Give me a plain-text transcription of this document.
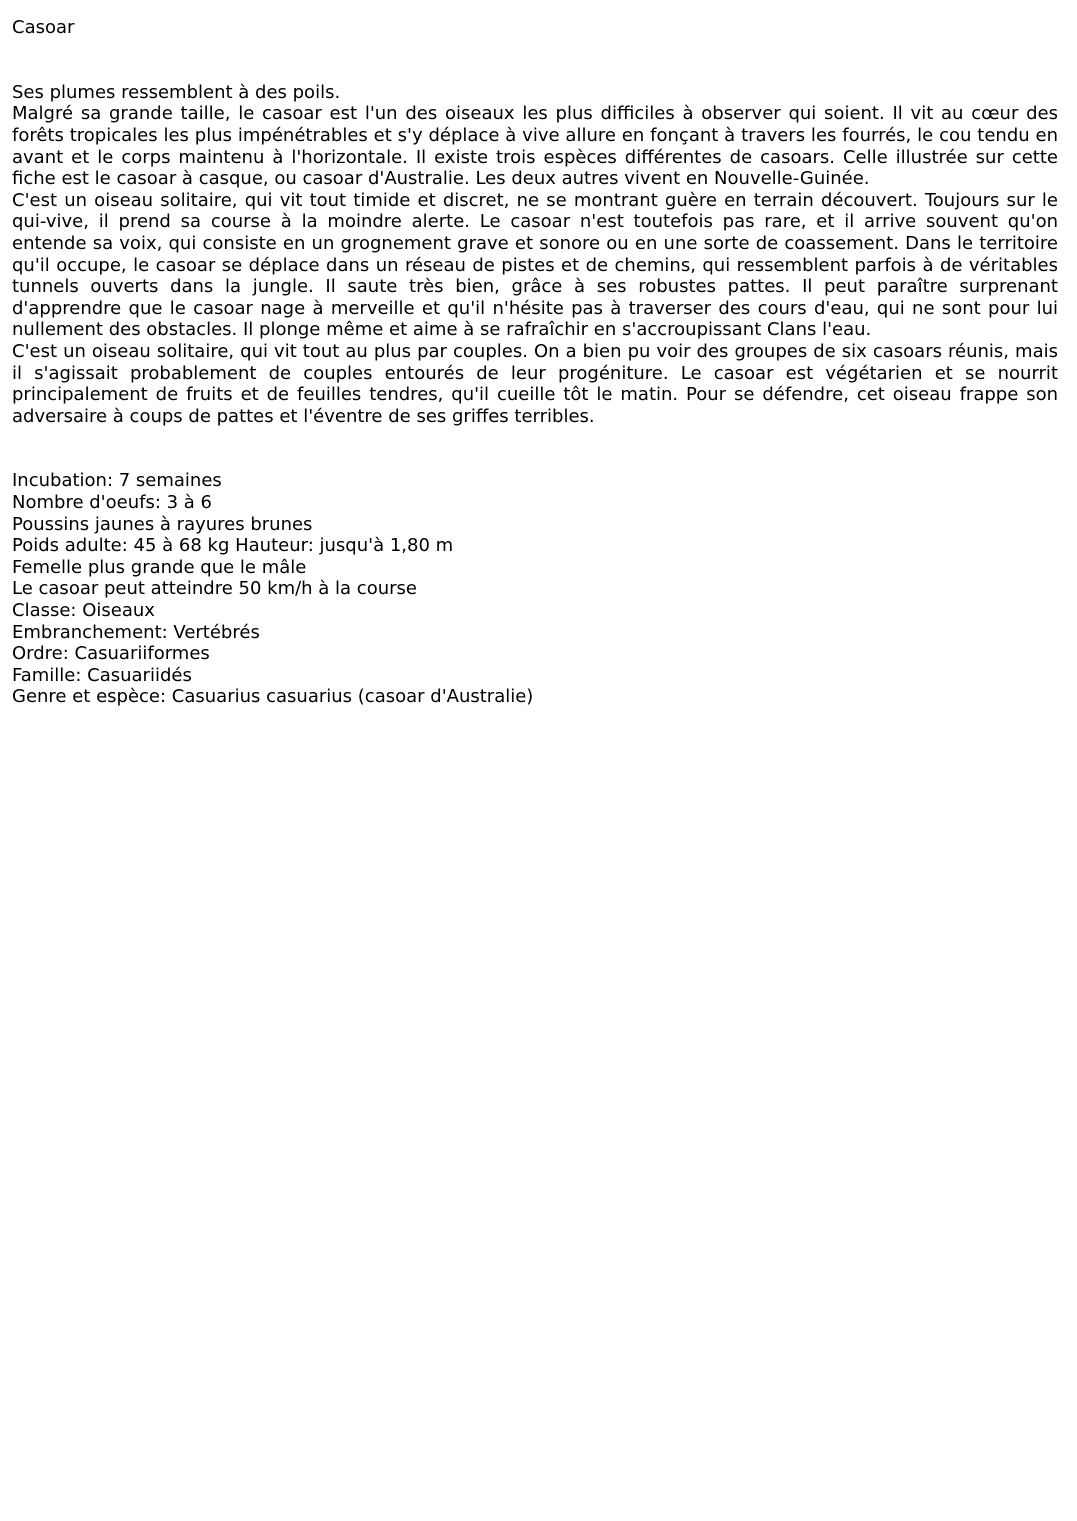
Casoar

Ses plumes ressemblent à des poils.

Malgré sa grande taille, le casoar est l'un des oiseaux les plus difficiles à observer qui soient. Il vit au cœur des forêts tropicales les plus impénétrables et s'y déplace à vive allure en fonçant à travers les fourrés, le cou tendu en avant et le corps maintenu à l'horizontale. Il existe trois espèces différentes de casoars. Celle illustrée sur cette fiche est le casoar à casque, ou casoar d'Australie. Les deux autres vivent en Nouvelle-Guinée.

C'est un oiseau solitaire, qui vit tout timide et discret, ne se montrant guère en terrain découvert. Toujours sur le qui-vive, il prend sa course à la moindre alerte. Le casoar n'est toutefois pas rare, et il arrive souvent qu'on entende sa voix, qui consiste en un grognement grave et sonore ou en une sorte de coassement. Dans le territoire qu'il occupe, le casoar se déplace dans un réseau de pistes et de chemins, qui ressemblent parfois à de véritables tunnels ouverts dans la jungle. Il saute très bien, grâce à ses robustes pattes. Il peut paraître surprenant d'apprendre que le casoar nage à merveille et qu'il n'hésite pas à traverser des cours d'eau, qui ne sont pour lui nullement des obstacles. Il plonge même et aime à se rafraîchir en s'accroupissant Clans l'eau.

C'est un oiseau solitaire, qui vit tout au plus par couples. On a bien pu voir des groupes de six casoars réunis, mais il s'agissait probablement de couples entourés de leur progéniture. Le casoar est végétarien et se nourrit principalement de fruits et de feuilles tendres, qu'il cueille tôt le matin. Pour se défendre, cet oiseau frappe son adversaire à coups de pattes et l'éventre de ses griffes terribles.

Incubation: 7 semaines

Nombre d'oeufs: 3 à 6

Poussins jaunes à rayures brunes

Poids adulte: 45 à 68 kg Hauteur: jusqu'à 1,80 m

Femelle plus grande que le mâle

Le casoar peut atteindre 50 km/h à la course

Classe: Oiseaux

Embranchement: Vertébrés

Ordre: Casuariiformes

Famille: Casuariidés

Genre et espèce: Casuarius casuarius (casoar d'Australie)
